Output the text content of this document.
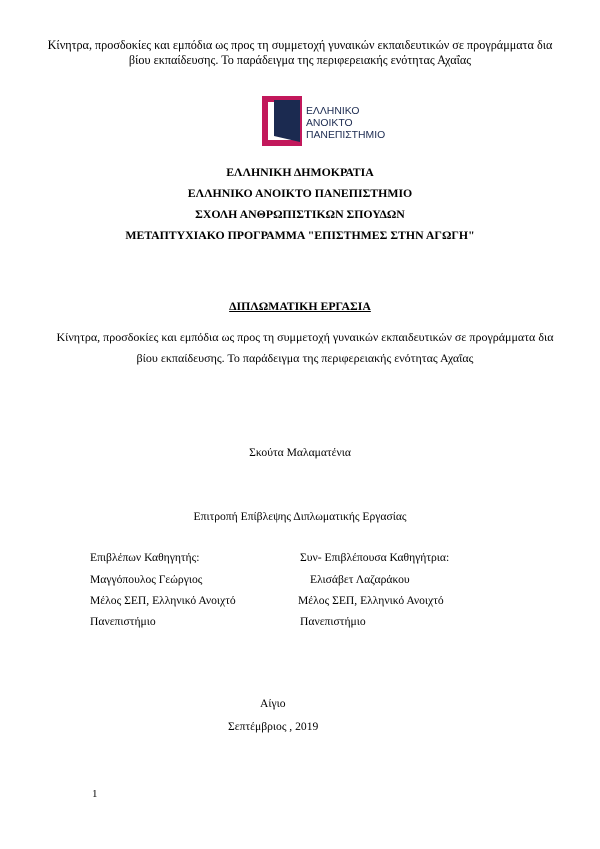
Κίνητρα, προσδοκίες και εμπόδια ως προς τη συμμετοχή γυναικών εκπαιδευτικών σε προγράμματα δια βίου εκπαίδευσης. Το παράδειγμα της περιφερειακής ενότητας Αχαΐας
ΕΛΛΗΝΙΚΟ
ΑΝΟΙΚΤΟ
ΠΑΝΕΠΙΣΤΗΜΙΟ
ΕΛΛΗΝΙΚΗ ΔΗΜΟΚΡΑΤΙΑ
ΕΛΛΗΝΙΚΟ ΑΝΟΙΚΤΟ ΠΑΝΕΠΙΣΤΗΜΙΟ
ΣΧΟΛΗ ΑΝΘΡΩΠΙΣΤΙΚΩΝ ΣΠΟΥΔΩΝ
ΜΕΤΑΠΤΥΧΙΑΚΟ ΠΡΟΓΡΑΜΜΑ "ΕΠΙΣΤΗΜΕΣ ΣΤΗΝ ΑΓΩΓΗ"
ΔΙΠΛΩΜΑΤΙΚΗ ΕΡΓΑΣΙΑ
Κίνητρα, προσδοκίες και εμπόδια ως προς τη συμμετοχή γυναικών εκπαιδευτικών σε προγράμματα δια βίου εκπαίδευσης. Το παράδειγμα της περιφερειακής ενότητας Αχαΐας
Σκούτα Μαλαματένια
Επιτροπή Επίβλεψης Διπλωματικής Εργασίας
Επιβλέπων Καθηγητής:
Μαγγόπουλος Γεώργιος
Μέλος ΣΕΠ, Ελληνικό Ανοιχτό
Πανεπιστήμιο
Συν- Επιβλέπουσα Καθηγήτρια:
Ελισάβετ Λαζαράκου
Μέλος ΣΕΠ, Ελληνικό Ανοιχτό
Πανεπιστήμιο
Αίγιο
Σεπτέμβριος , 2019
1
